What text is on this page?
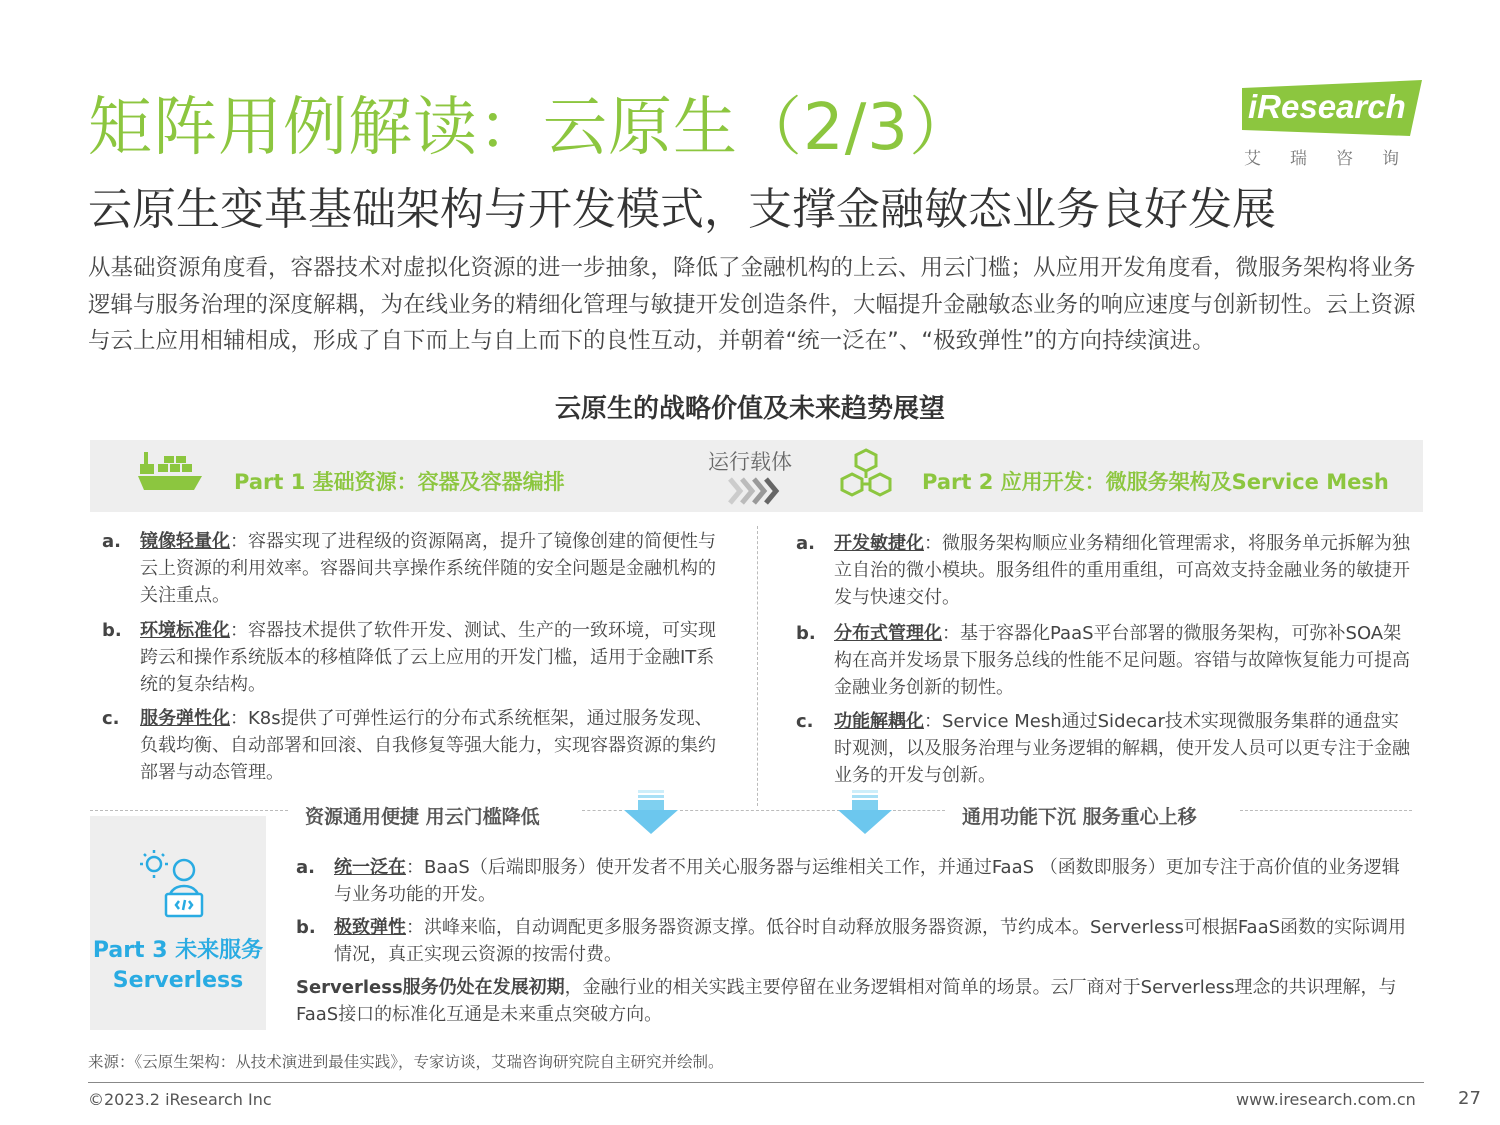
矩阵用例解读：云原生（2/3）	iResearch
艾瑞咨询
云原生变革基础架构与开发模式，支撑金融敏态业务良好发展
从基础资源角度看，容器技术对虚拟化资源的进一步抽象，降低了金融机构的上云、用云门槛；从应用开发角度看，微服务架构将业务逻辑与服务治理的深度解耦，为在线业务的精细化管理与敏捷开发创造条件，大幅提升金融敏态业务的响应速度与创新韧性。云上资源与云上应用相辅相成，形成了自下而上与自上而下的良性互动，并朝着“统一泛在”、“极致弹性”的方向持续演进。
云原生的战略价值及未来趋势展望
Part 1 基础资源：容器及容器编排
运行载体
Part 2 应用开发：微服务架构及Service Mesh
a. 镜像轻量化：容器实现了进程级的资源隔离，提升了镜像创建的简便性与云上资源的利用效率。容器间共享操作系统伴随的安全问题是金融机构的关注重点。
b. 环境标准化：容器技术提供了软件开发、测试、生产的一致环境，可实现跨云和操作系统版本的移植降低了云上应用的开发门槛，适用于金融IT系统的复杂结构。
c. 服务弹性化：K8s提供了可弹性运行的分布式系统框架，通过服务发现、负载均衡、自动部署和回滚、自我修复等强大能力，实现容器资源的集约部署与动态管理。
a. 开发敏捷化：微服务架构顺应业务精细化管理需求，将服务单元拆解为独立自治的微小模块。服务组件的重用重组，可高效支持金融业务的敏捷开发与快速交付。
b. 分布式管理化：基于容器化PaaS平台部署的微服务架构，可弥补SOA架构在高并发场景下服务总线的性能不足问题。容错与故障恢复能力可提高金融业务创新的韧性。
c. 功能解耦化：Service Mesh通过Sidecar技术实现微服务集群的通盘实时观测，以及服务治理与业务逻辑的解耦，使开发人员可以更专注于金融业务的开发与创新。
资源通用便捷 用云门槛降低	通用功能下沉 服务重心上移
Part 3 未来服务
Serverless
a. 统一泛在：BaaS（后端即服务）使开发者不用关心服务器与运维相关工作，并通过FaaS （函数即服务）更加专注于高价值的业务逻辑与业务功能的开发。
b. 极致弹性：洪峰来临，自动调配更多服务器资源支撑。低谷时自动释放服务器资源，节约成本。Serverless可根据FaaS函数的实际调用情况，真正实现云资源的按需付费。
Serverless服务仍处在发展初期，金融行业的相关实践主要停留在业务逻辑相对简单的场景。云厂商对于Serverless理念的共识理解，与FaaS接口的标准化互通是未来重点突破方向。
来源：《云原生架构：从技术演进到最佳实践》，专家访谈，艾瑞咨询研究院自主研究并绘制。
©2023.2 iResearch Inc	www.iresearch.com.cn 27
